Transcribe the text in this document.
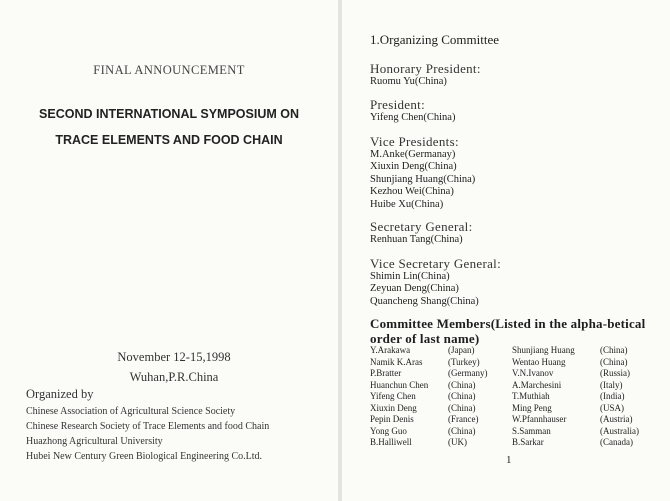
FINAL ANNOUNCEMENT
SECOND INTERNATIONAL SYMPOSIUM ON
TRACE ELEMENTS AND FOOD CHAIN
November 12-15,1998
Wuhan,P.R.China
Organized by
Chinese Association of Agricultural Science Society
Chinese Research Society of Trace Elements and food Chain
Huazhong Agricultural University
Hubei New Century Green Biological Engineering Co.Ltd.
1.Organizing Committee
Honorary President:
Ruomu Yu(China)
President:
Yifeng Chen(China)
Vice Presidents:
M.Anke(Germanay)
Xiuxin Deng(China)
Shunjiang Huang(China)
Kezhou Wei(China)
Huibe Xu(China)
Secretary General:
Renhuan Tang(China)
Vice Secretary General:
Shimin Lin(China)
Zeyuan Deng(China)
Quancheng Shang(China)
Committee Members(Listed in the alpha-betical order of last name)
Y.Arakawa	(Japan)	Shunjiang Huang	(China)
Namik K.Aras	(Turkey)	Wentao Huang	(China)
P.Bratter	(Germany)	V.N.Ivanov	(Russia)
Huanchun Chen (China)	A.Marchesini	(Italy)
Yifeng Chen	(China)	T.Muthiah	(India)
Xiuxin Deng	(China)	Ming Peng	(USA)
Pepin Denis	(France)	W.Pfannhauser	(Austria)
Yong Guo	(China)	S.Samman	(Australia)
B.Halliwell	(UK)	B.Sarkar	(Canada)
1
